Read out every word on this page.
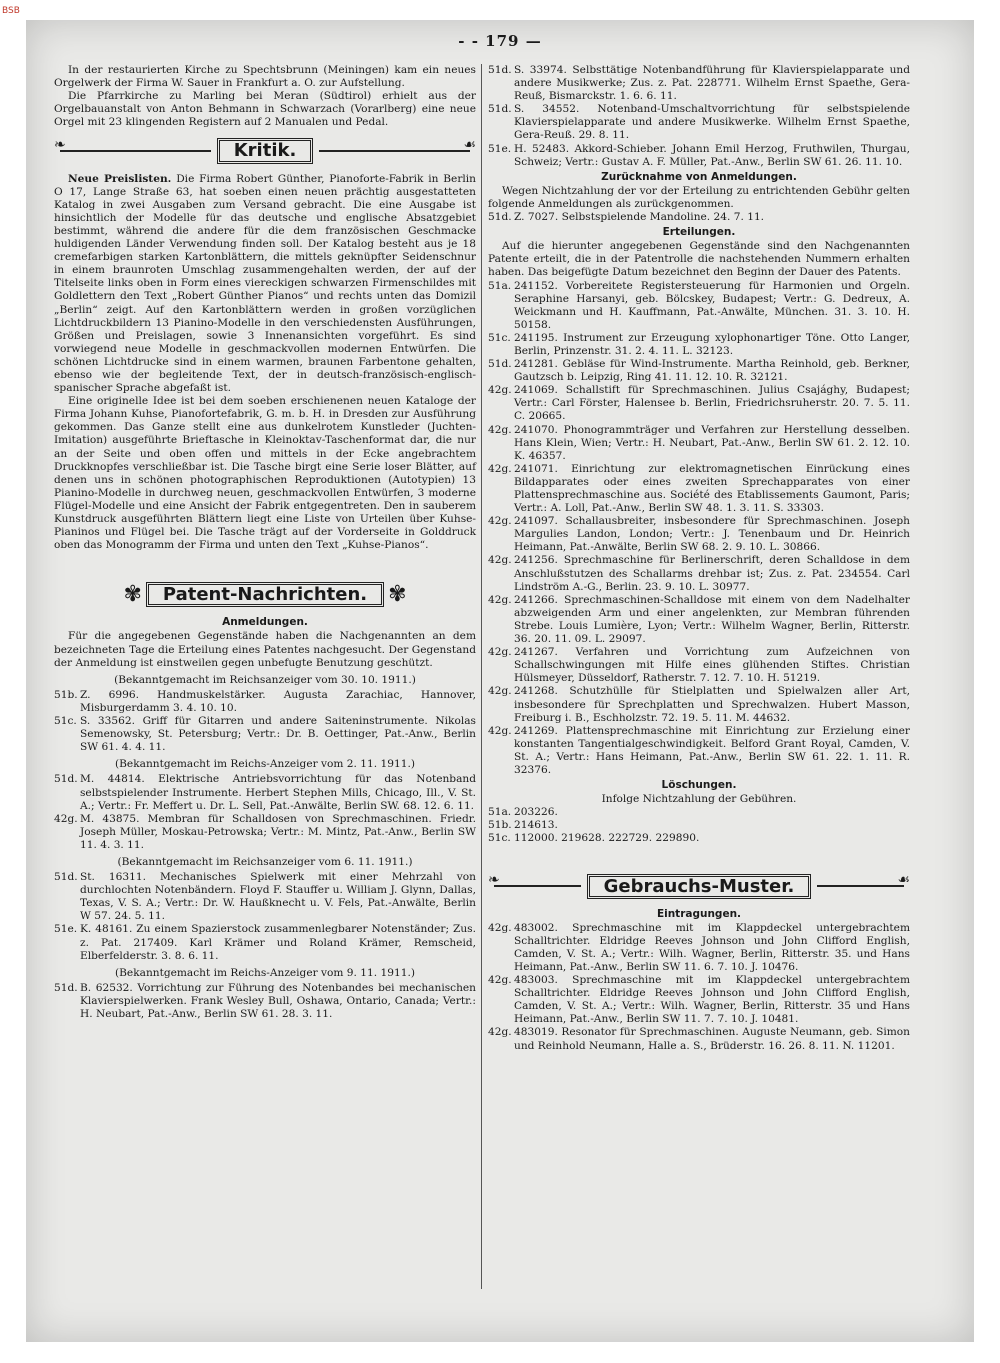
BSB
- - 179 —

In der restaurierten Kirche zu Spechtsbrunn (Meiningen) kam ein neues Orgelwerk der Firma W. Sauer in Frankfurt a. O. zur Aufstellung.

Die Pfarrkirche zu Marling bei Meran (Südtirol) erhielt aus der Orgelbauanstalt von Anton Behmann in Schwarzach (Vorarlberg) eine neue Orgel mit 23 klingenden Registern auf 2 Manualen und Pedal.

❧	Kritik.	☙

Neue Preislisten. Die Firma Robert Günther, Pianoforte-Fabrik in Berlin O 17, Lange Straße 63, hat soeben einen neuen prächtig ausgestatteten Katalog in zwei Ausgaben zum Versand gebracht. Die eine Ausgabe ist hinsichtlich der Modelle für das deutsche und englische Absatzgebiet bestimmt, während die andere für die dem französischen Geschmacke huldigenden Länder Verwendung finden soll. Der Katalog besteht aus je 18 cremefarbigen starken Kartonblättern, die mittels geknüpfter Seidenschnur in einem braunroten Umschlag zusammengehalten werden, der auf der Titelseite links oben in Form eines viereckigen schwarzen Firmenschildes mit Goldlettern den Text „Robert Günther Pianos“ und rechts unten das Domizil „Berlin“ zeigt. Auf den Kartonblättern werden in großen vorzüglichen Lichtdruckbildern 13 Pianino-Modelle in den verschiedensten Ausführungen, Größen und Preislagen, sowie 3 Innenansichten vorgeführt. Es sind vorwiegend neue Modelle in geschmackvollen modernen Entwürfen. Die schönen Lichtdrucke sind in einem warmen, braunen Farbentone gehalten, ebenso wie der begleitende Text, der in deutsch-französisch-englisch-spanischer Sprache abgefaßt ist.

Eine originelle Idee ist bei dem soeben erschienenen neuen Kataloge der Firma Johann Kuhse, Pianofortefabrik, G. m. b. H. in Dresden zur Ausführung gekommen. Das Ganze stellt eine aus dunkelrotem Kunstleder (Juchten-Imitation) ausgeführte Brieftasche in Kleinoktav-Taschenformat dar, die nur an der Seite und oben offen und mittels in der Ecke angebrachtem Druckknopfes verschließbar ist. Die Tasche birgt eine Serie loser Blätter, auf denen uns in schönen photographischen Reproduktionen (Autotypien) 13 Pianino-Modelle in durchweg neuen, geschmackvollen Entwürfen, 3 moderne Flügel-Modelle und eine Ansicht der Fabrik entgegentreten. Den in sauberem Kunstdruck ausgeführten Blättern liegt eine Liste von Urteilen über Kuhse-Pianinos und Flügel bei. Die Tasche trägt auf der Vorderseite in Golddruck oben das Monogramm der Firma und unten den Text „Kuhse-Pianos“.

✾	Patent-Nachrichten. ✾
Anmeldungen.

Für die angegebenen Gegenstände haben die Nachgenannten an dem bezeichneten Tage die Erteilung eines Patentes nachgesucht. Der Gegenstand der Anmeldung ist einstweilen gegen unbefugte Benutzung geschützt.

(Bekanntgemacht im Reichsanzeiger vom 30. 10. 1911.)
51b. Z. 6996. Handmuskelstärker. Augusta Zarachiac, Hannover, Misburgerdamm 3. 4. 10. 10.
51c. S. 33562. Griff für Gitarren und andere Saiteninstrumente. Nikolas Semenowsky, St. Petersburg; Vertr.: Dr. B. Oettinger, Pat.-Anw., Berlin SW 61. 4. 4. 11.
(Bekanntgemacht im Reichs-Anzeiger vom 2. 11. 1911.)
51d. M. 44814. Elektrische Antriebsvorrichtung für das Notenband selbstspielender Instrumente. Herbert Stephen Mills, Chicago, Ill., V. St. A.; Vertr.: Fr. Meffert u. Dr. L. Sell, Pat.-Anwälte, Berlin SW. 68. 12. 6. 11.
42g. M. 43875. Membran für Schalldosen von Sprechmaschinen. Friedr. Joseph Müller, Moskau-Petrowska; Vertr.: M. Mintz, Pat.-Anw., Berlin SW 11. 4. 3. 11.
(Bekanntgemacht im Reichsanzeiger vom 6. 11. 1911.)
51d. St. 16311. Mechanisches Spielwerk mit einer Mehrzahl von durchlochten Notenbändern. Floyd F. Stauffer u. William J. Glynn, Dallas, Texas, V. S. A.; Vertr.: Dr. W. Haußknecht u. V. Fels, Pat.-Anwälte, Berlin W 57. 24. 5. 11.
51e. K. 48161. Zu einem Spazierstock zusammenlegbarer Notenständer; Zus. z. Pat. 217409. Karl Krämer und Roland Krämer, Remscheid, Elberfelderstr. 3. 8. 6. 11.
(Bekanntgemacht im Reichs-Anzeiger vom 9. 11. 1911.)
51d. B. 62532. Vorrichtung zur Führung des Notenbandes bei mechanischen Klavierspielwerken. Frank Wesley Bull, Oshawa, Ontario, Canada; Vertr.: H. Neubart, Pat.-Anw., Berlin SW 61. 28. 3. 11.
51d. S. 33974. Selbsttätige Notenbandführung für Klavierspielapparate und andere Musikwerke; Zus. z. Pat. 228771. Wilhelm Ernst Spaethe, Gera-Reuß, Bismarckstr. 1. 6. 6. 11.
51d. S. 34552. Notenband-Umschaltvorrichtung für selbstspielende Klavierspielapparate und andere Musikwerke. Wilhelm Ernst Spaethe, Gera-Reuß. 29. 8. 11.
51e. H. 52483. Akkord-Schieber. Johann Emil Herzog, Fruthwilen, Thurgau, Schweiz; Vertr.: Gustav A. F. Müller, Pat.-Anw., Berlin SW 61. 26. 11. 10.
Zurücknahme von Anmeldungen.

Wegen Nichtzahlung der vor der Erteilung zu entrichtenden Gebühr gelten folgende Anmeldungen als zurückgenommen.

51d. Z. 7027. Selbstspielende Mandoline. 24. 7. 11.
Erteilungen.

Auf die hierunter angegebenen Gegenstände sind den Nachgenannten Patente erteilt, die in der Patentrolle die nachstehenden Nummern erhalten haben. Das beigefügte Datum bezeichnet den Beginn der Dauer des Patents.

51a. 241152. Vorbereitete Registersteuerung für Harmonien und Orgeln. Seraphine Harsanyi, geb. Bölcskey, Budapest; Vertr.: G. Dedreux, A. Weickmann und H. Kauffmann, Pat.-Anwälte, München. 31. 3. 10. H. 50158.
51c. 241195. Instrument zur Erzeugung xylophonartiger Töne. Otto Langer, Berlin, Prinzenstr. 31. 2. 4. 11. L. 32123.
51d. 241281. Gebläse für Wind-Instrumente. Martha Reinhold, geb. Berkner, Gautzsch b. Leipzig, Ring 41. 11. 12. 10. R. 32121.
42g. 241069. Schallstift für Sprechmaschinen. Julius Csajághy, Budapest; Vertr.: Carl Förster, Halensee b. Berlin, Friedrichsruherstr. 20. 7. 5. 11. C. 20665.
42g. 241070. Phonogrammträger und Verfahren zur Herstellung desselben. Hans Klein, Wien; Vertr.: H. Neubart, Pat.-Anw., Berlin SW 61. 2. 12. 10. K. 46357.
42g. 241071. Einrichtung zur elektromagnetischen Einrückung eines Bildapparates oder eines zweiten Sprechapparates von einer Plattensprechmaschine aus. Société des Etablissements Gaumont, Paris; Vertr.: A. Loll, Pat.-Anw., Berlin SW 48. 1. 3. 11. S. 33303.
42g. 241097. Schallausbreiter, insbesondere für Sprechmaschinen. Joseph Margulies Landon, London; Vertr.: J. Tenenbaum und Dr. Heinrich Heimann, Pat.-Anwälte, Berlin SW 68. 2. 9. 10. L. 30866.
42g. 241256. Sprechmaschine für Berlinerschrift, deren Schalldose in dem Anschlußstutzen des Schallarms drehbar ist; Zus. z. Pat. 234554. Carl Lindström A.-G., Berlin. 23. 9. 10. L. 30977.
42g. 241266. Sprechmaschinen-Schalldose mit einem von dem Nadelhalter abzweigenden Arm und einer angelenkten, zur Membran führenden Strebe. Louis Lumière, Lyon; Vertr.: Wilhelm Wagner, Berlin, Ritterstr. 36. 20. 11. 09. L. 29097.
42g. 241267. Verfahren und Vorrichtung zum Aufzeichnen von Schallschwingungen mit Hilfe eines glühenden Stiftes. Christian Hülsmeyer, Düsseldorf, Ratherstr. 7. 12. 7. 10. H. 51219.
42g. 241268. Schutzhülle für Stielplatten und Spielwalzen aller Art, insbesondere für Sprechplatten und Sprechwalzen. Hubert Masson, Freiburg i. B., Eschholzstr. 72. 19. 5. 11. M. 44632.
42g. 241269. Plattensprechmaschine mit Einrichtung zur Erzielung einer konstanten Tangentialgeschwindigkeit. Belford Grant Royal, Camden, V. St. A.; Vertr.: Hans Heimann, Pat.-Anw., Berlin SW 61. 22. 1. 11. R. 32376.
Löschungen.
Infolge Nichtzahlung der Gebühren.
51a. 203226.
51b. 214613.
51c. 112000. 219628. 222729. 229890.
❧	Gebrauchs-Muster.	☙
Eintragungen.
42g. 483002. Sprechmaschine mit im Klappdeckel untergebrachtem Schalltrichter. Eldridge Reeves Johnson und John Clifford English, Camden, V. St. A.; Vertr.: Wilh. Wagner, Berlin, Ritterstr. 35. und Hans Heimann, Pat.-Anw., Berlin SW 11. 6. 7. 10. J. 10476.
42g. 483003. Sprechmaschine mit im Klappdeckel untergebrachtem Schalltrichter. Eldridge Reeves Johnson und John Clifford English, Camden, V. St. A.; Vertr.: Wilh. Wagner, Berlin, Ritterstr. 35 und Hans Heimann, Pat.-Anw., Berlin SW 11. 7. 7. 10. J. 10481.
42g. 483019. Resonator für Sprechmaschinen. Auguste Neumann, geb. Simon und Reinhold Neumann, Halle a. S., Brüderstr. 16. 26. 8. 11. N. 11201.
